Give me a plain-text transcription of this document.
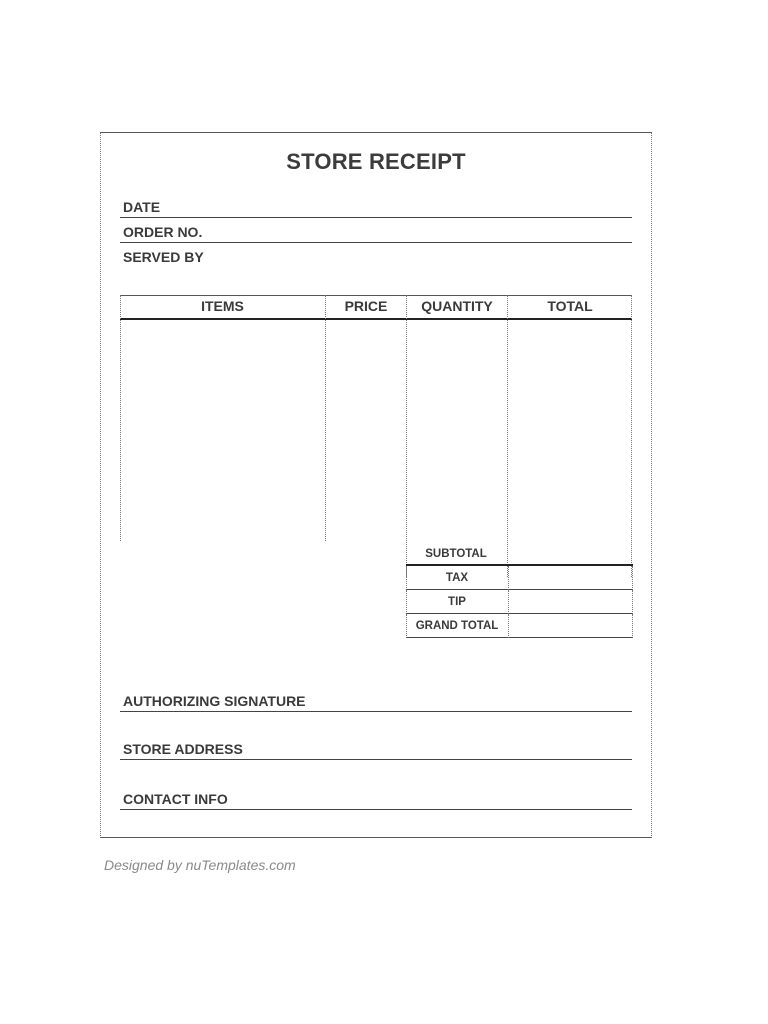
STORE RECEIPT
DATE
ORDER NO.
SERVED BY
ITEMS	PRICE	QUANTITY	TOTAL
SUBTOTAL
TAX
TIP
GRAND TOTAL
AUTHORIZING SIGNATURE
STORE ADDRESS
CONTACT INFO
Designed by nuTemplates.com
